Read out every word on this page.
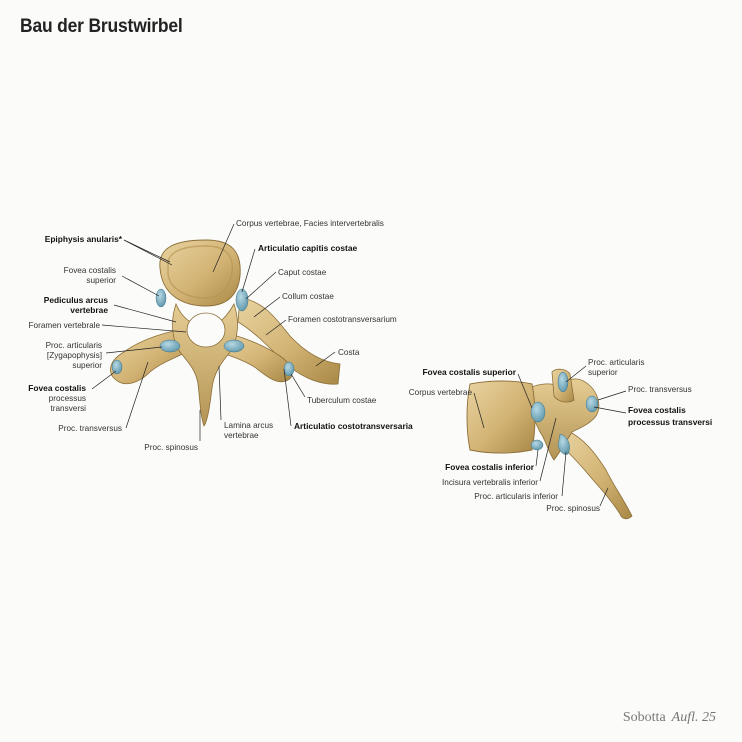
Bau der Brustwirbel
Corpus vertebrae, Facies intervertebralis
Epiphysis anularis*
Articulatio capitis costae
Fovea costalis
superior
Caput costae
Collum costae
Pediculus arcus
vertebrae
Foramen costotransversarium
Foramen vertebrale
Proc. articularis
[Zygapophysis]
superior
Costa
Fovea costalis
processus
transversi
Tuberculum costae
Proc. transversus	Lamina arcus
vertebrae
Articulatio costotransversaria
Proc. spinosus
Fovea costalis superior
Proc. articularis
superior
Proc. transversus
Corpus vertebrae
Fovea costalis
processus transversi
Fovea costalis inferior
Incisura vertebralis inferior
Proc. articularis inferior
Proc. spinosus
Sobotta Aufl. 25
